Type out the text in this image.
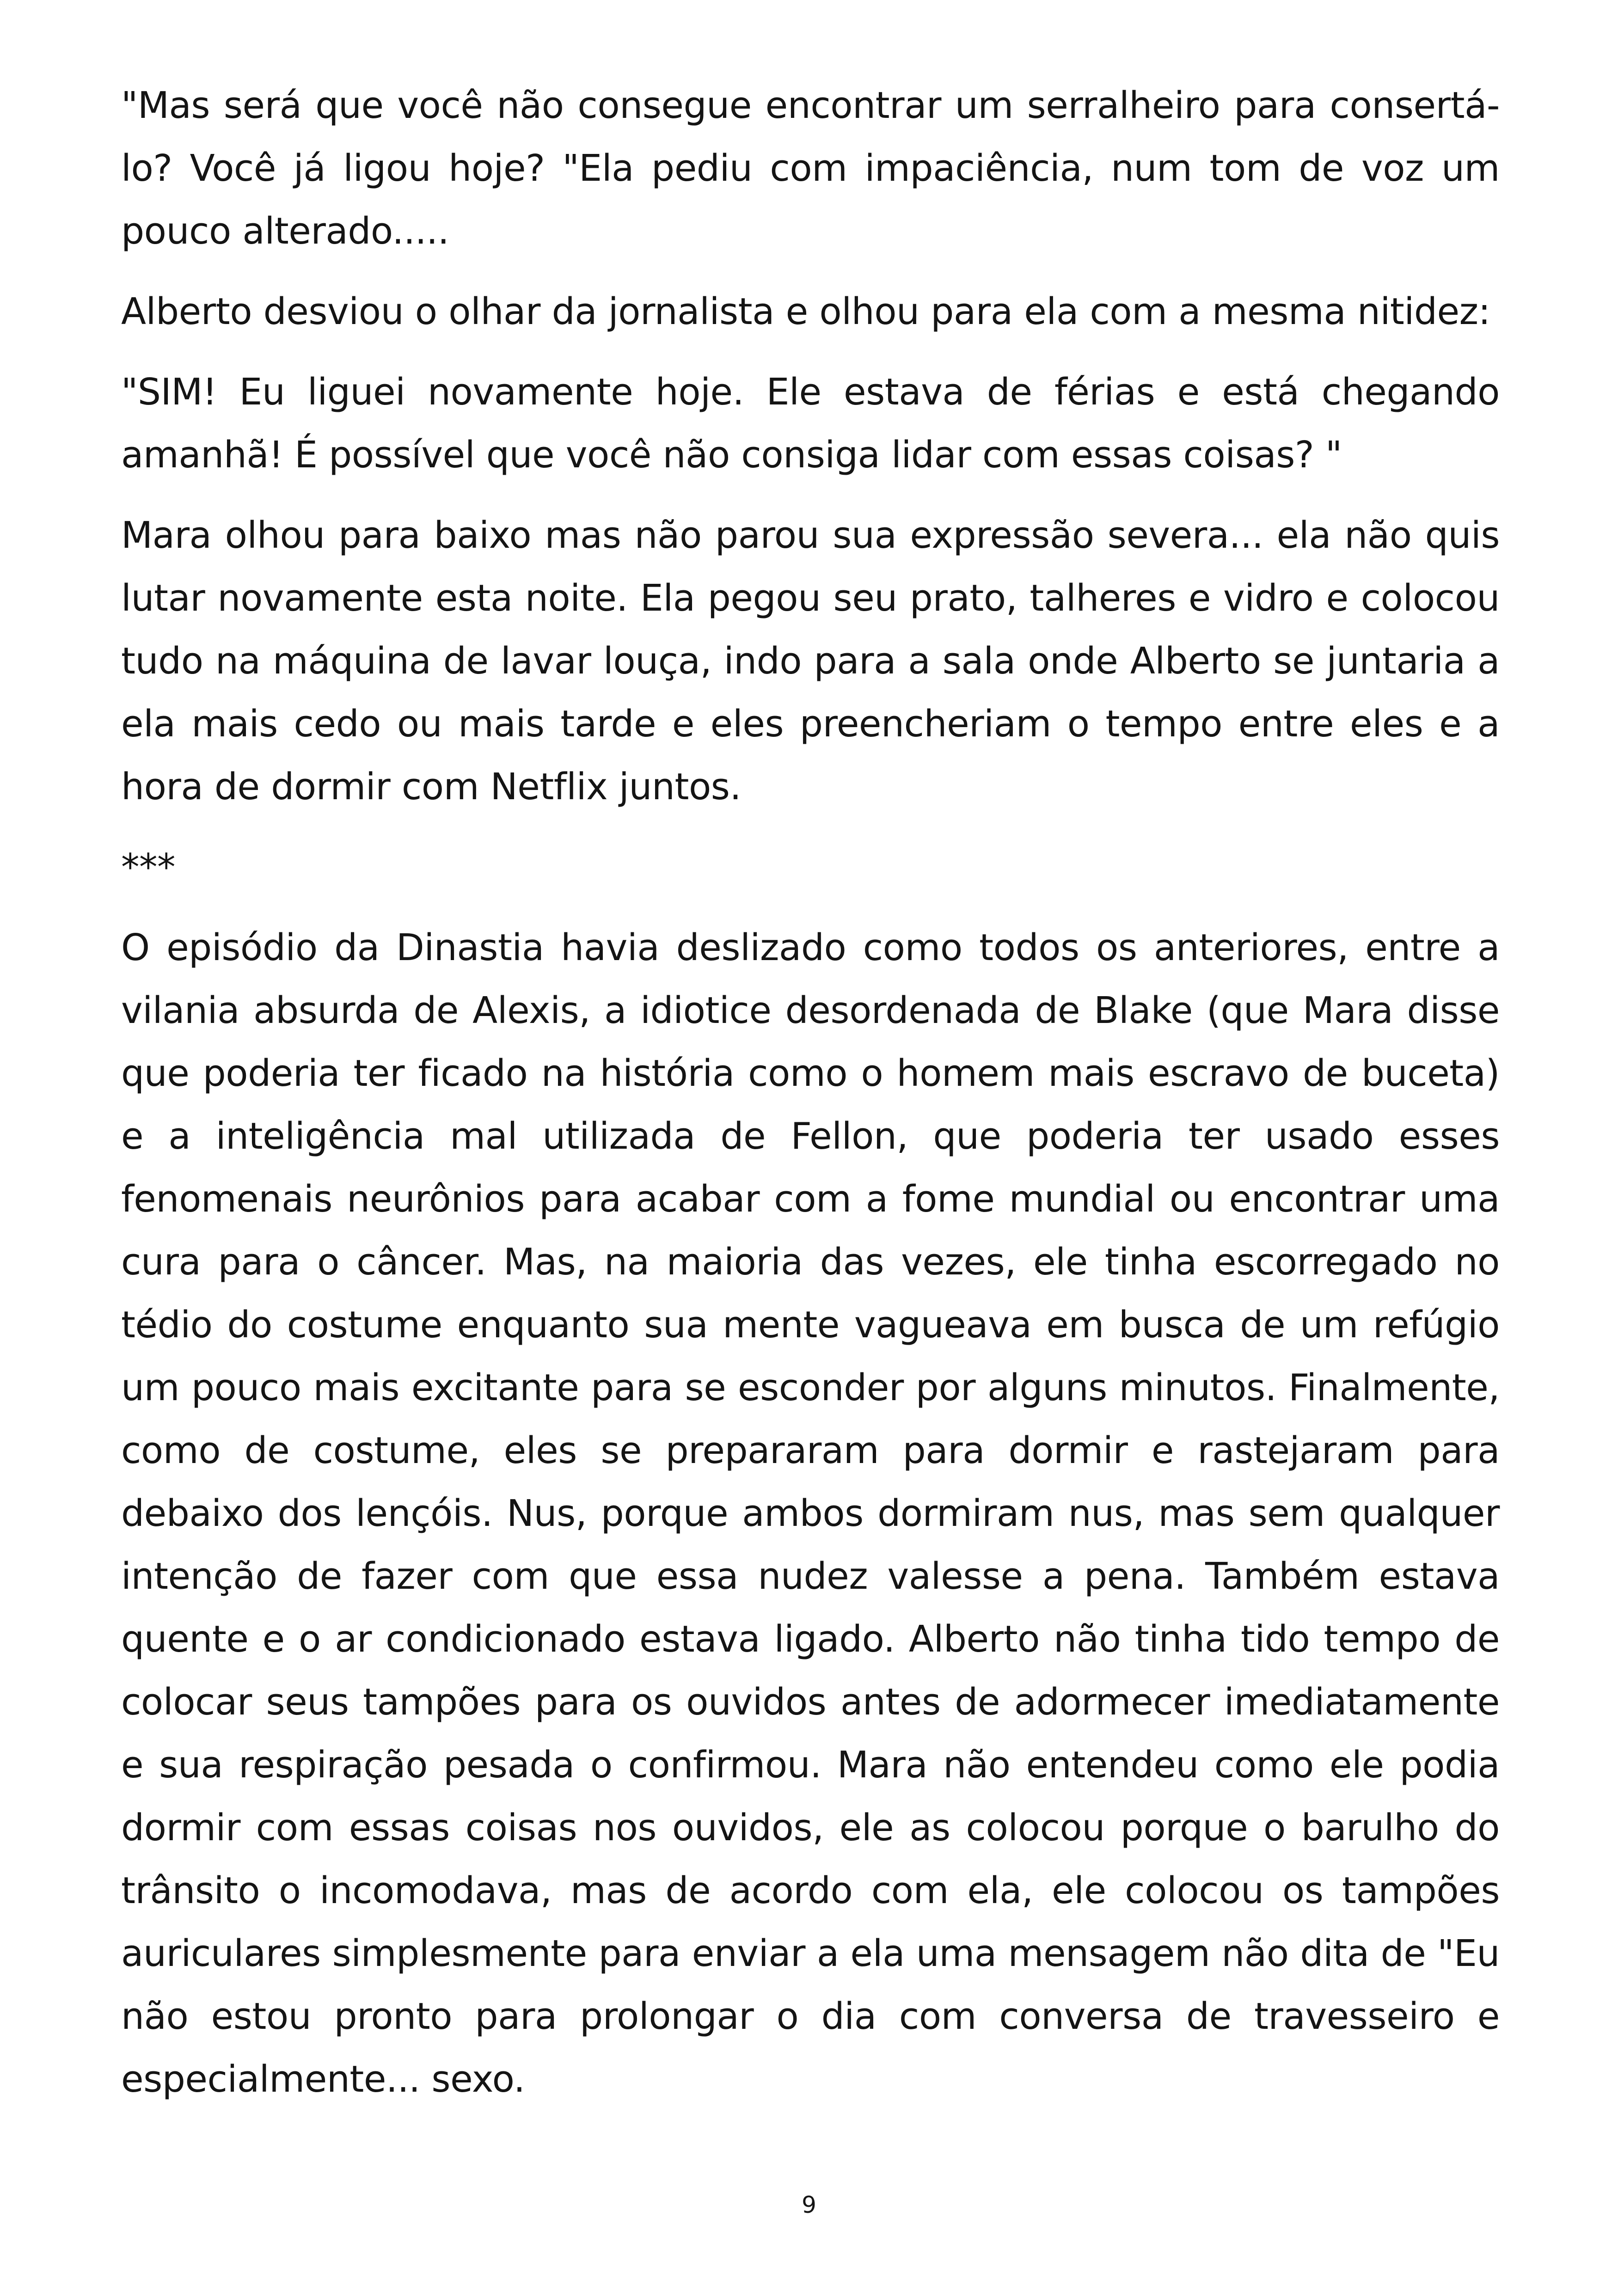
"Mas será que você não consegue encontrar um serralheiro para consertá-lo? Você já ligou hoje? "Ela pediu com impaciência, num tom de voz um pouco alterado.....

Alberto desviou o olhar da jornalista e olhou para ela com a mesma nitidez:

"SIM! Eu liguei novamente hoje. Ele estava de férias e está chegando amanhã! É possível que você não consiga lidar com essas coisas? "

Mara olhou para baixo mas não parou sua expressão severa... ela não quis lutar novamente esta noite. Ela pegou seu prato, talheres e vidro e colocou tudo na máquina de lavar louça, indo para a sala onde Alberto se juntaria a ela mais cedo ou mais tarde e eles preencheriam o tempo entre eles e a hora de dormir com Netflix juntos.

***

O episódio da Dinastia havia deslizado como todos os anteriores, entre a vilania absurda de Alexis, a idiotice desordenada de Blake (que Mara disse que poderia ter ficado na história como o homem mais escravo de buceta) e a inteligência mal utilizada de Fellon, que poderia ter usado esses fenomenais neurônios para acabar com a fome mundial ou encontrar uma cura para o câncer. Mas, na maioria das vezes, ele tinha escorregado no tédio do costume enquanto sua mente vagueava em busca de um refúgio um pouco mais excitante para se esconder por alguns minutos. Finalmente, como de costume, eles se prepararam para dormir e rastejaram para debaixo dos lençóis. Nus, porque ambos dormiram nus, mas sem qualquer intenção de fazer com que essa nudez valesse a pena. Também estava quente e o ar condicionado estava ligado. Alberto não tinha tido tempo de colocar seus tampões para os ouvidos antes de adormecer imediatamente e sua respiração pesada o confirmou. Mara não entendeu como ele podia dormir com essas coisas nos ouvidos, ele as colocou porque o barulho do trânsito o incomodava, mas de acordo com ela, ele colocou os tampões auriculares simplesmente para enviar a ela uma mensagem não dita de "Eu não estou pronto para prolongar o dia com conversa de travesseiro e especialmente... sexo.

9
